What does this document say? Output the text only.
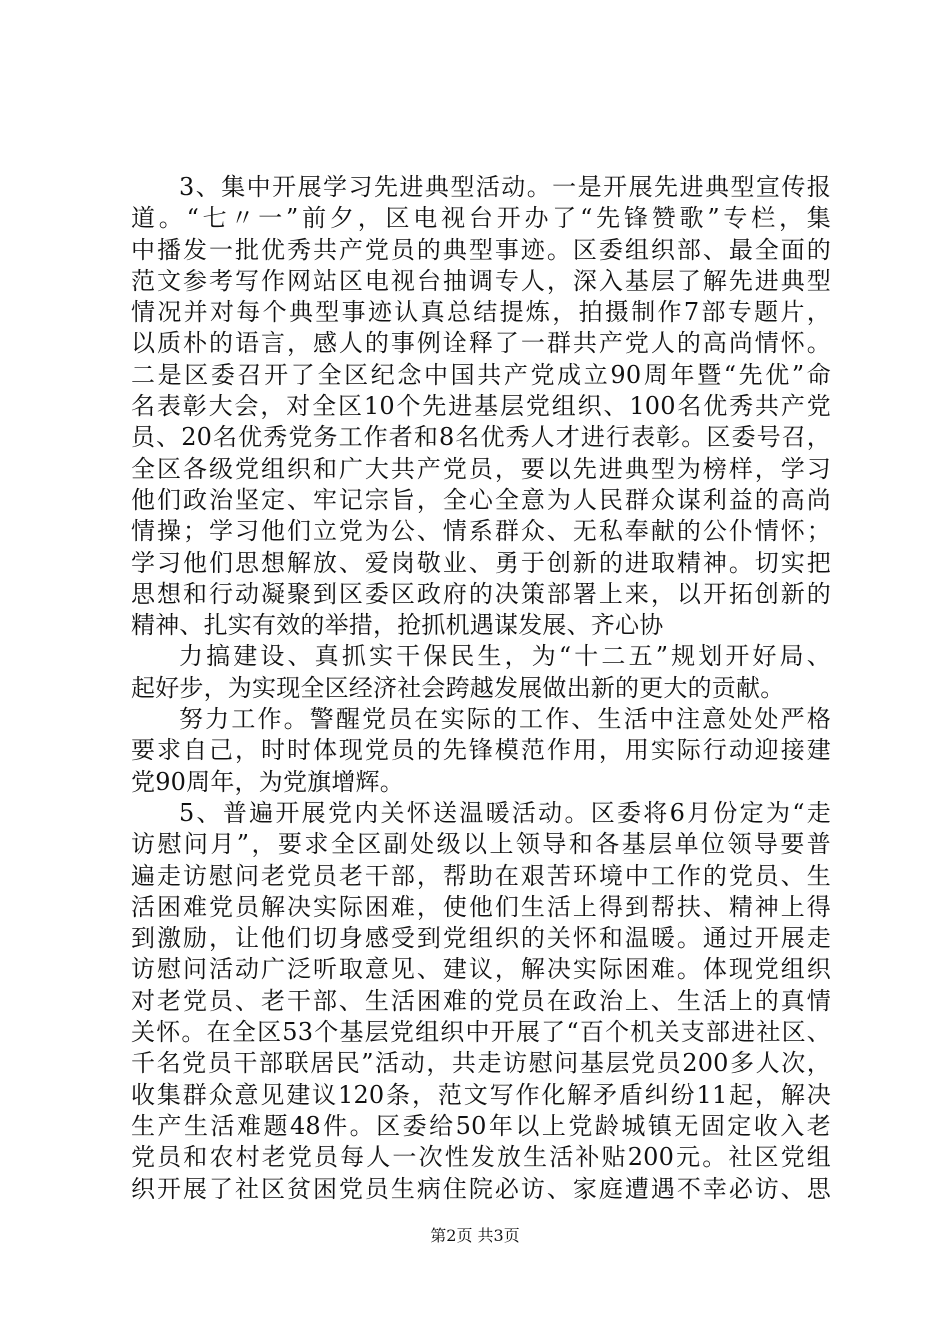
3、集中开展学习先进典型活动。一是开展先进典型宣传报
道。“七〃一”前夕，区电视台开办了“先锋赞歌”专栏，集
中播发一批优秀共产党员的典型事迹。区委组织部、最全面的
范文参考写作网站区电视台抽调专人，深入基层了解先进典型
情况并对每个典型事迹认真总结提炼，拍摄制作7部专题片，
以质朴的语言，感人的事例诠释了一群共产党人的高尚情怀。
二是区委召开了全区纪念中国共产党成立90周年暨“先优”命
名表彰大会，对全区10个先进基层党组织、100名优秀共产党
员、20名优秀党务工作者和8名优秀人才进行表彰。区委号召，
全区各级党组织和广大共产党员，要以先进典型为榜样，学习
他们政治坚定、牢记宗旨，全心全意为人民群众谋利益的高尚
情操；学习他们立党为公、情系群众、无私奉献的公仆情怀；
学习他们思想解放、爱岗敬业、勇于创新的进取精神。切实把
思想和行动凝聚到区委区政府的决策部署上来，以开拓创新的
精神、扎实有效的举措，抢抓机遇谋发展、齐心协
力搞建设、真抓实干保民生，为“十二五”规划开好局、
起好步，为实现全区经济社会跨越发展做出新的更大的贡献。
努力工作。警醒党员在实际的工作、生活中注意处处严格
要求自己，时时体现党员的先锋模范作用，用实际行动迎接建
党90周年，为党旗增辉。
5、普遍开展党内关怀送温暖活动。区委将6月份定为“走
访慰问月”，要求全区副处级以上领导和各基层单位领导要普
遍走访慰问老党员老干部，帮助在艰苦环境中工作的党员、生
活困难党员解决实际困难，使他们生活上得到帮扶、精神上得
到激励，让他们切身感受到党组织的关怀和温暖。通过开展走
访慰问活动广泛听取意见、建议，解决实际困难。体现党组织
对老党员、老干部、生活困难的党员在政治上、生活上的真情
关怀。在全区53个基层党组织中开展了“百个机关支部进社区、
千名党员干部联居民”活动，共走访慰问基层党员200多人次，
收集群众意见建议120条，范文写作化解矛盾纠纷11起，解决
生产生活难题48件。区委给50年以上党龄城镇无固定收入老
党员和农村老党员每人一次性发放生活补贴200元。社区党组
织开展了社区贫困党员生病住院必访、家庭遭遇不幸必访、思
第2页 共3页
